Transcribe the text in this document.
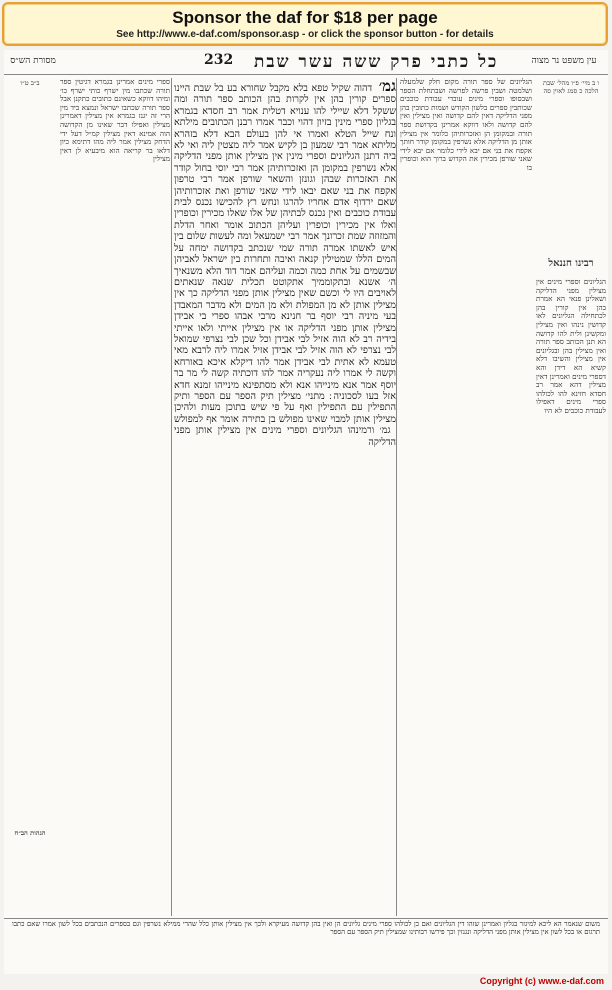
Sponsor the daf for $18 per page
See http://www.e-daf.com/sponsor.asp - or click the sponsor button - for details
עין משפט נר מצוה
כל כתבי פרק ששה עשר שבת
232
מסורת הש״ס
ו ב מיי׳ פ״ו מהל׳ שבת הלכה כ סמג לאוין סה
רבינו חננאל
ב״ב ט״ו
הגהות הב״ח
הגליונים וספרי מינים אין מצילין מפני הדליקה ושאלינן פנאי הא אמרת בהן אין קורין בהן לכתחילה הגליונים לאו קדושין נינהו ואין מצילין ומקשינן ולית להו קדושה הא תנן הכותב ספר תורה ואין מצילין בהן ובגליונים אין מצילין והשיבו דלא קשיא הא דידן והא דספרי מינים ואמרינן דאין מצילין דהא אמר רב חסדא חזינא להו לכולהו ספרי מינים דאפילו לעבודת כוכבים לא היו
הגליונים של ספר תורה מקום חלק שלמעלה ושלמטה ושבין פרשה לפרשה ושבתחלת הספר ושבסופו וספרי מינים עובדי עבודת כוכבים שכותבין ספרים בלשון הקודש ושמות כתובין בהן מפני הדליקה דאין להם קדושה ואין מצילין ואין להם קדושה ולאו דווקא אמרינן בקדושת ספר תורה ובמקומן הן ואזכרותיהן כלומר אין מצילין אותן מן הדליקה אלא נשרפין במקומן קודר חותך אקפח את בני אם יבא לידי כלומר אם יבא לידי שאני שורפן מכירין את הקדוש ברוך הוא וכופרין בו
גמ׳ דהוה שקיל טפא בלא מקבל שחורא בע בל שבת היינו ספרים קורין בהן אין לקרות בהן הכותב ספר תורה ומה ששקל דלא שיילי להו ענויא דטלית אמר רב חסדא בגמרא בגליון ספרי מינין בזיון דהוי וכבר אמרו רבנן הכתובים מילתא ונח שייל הטלא ואמרו אי להן בעולם הבא דלא בזהרא מליתא אמר רבי שמעון בן לקיש אמר ליה מצטין ליה ואי לא ביה דתנן הגליונים וספרי מינין אין מצילין אותן מפני הדליקה אלא נשרפין במקומן הן ואזכרותיהן אמר רבי יוסי בחול קודר את האזכרות שבהן וגונזן והשאר שורפן אמר רבי טרפון אקפח את בני שאם יבאו לידי שאני שורפן ואת אזכרותיהן שאם ירדוף אדם אחריו להרגו ונחש רץ להכישו נכנס לבית עבודת כוכבים ואין נכנס לבתיהן של אלו שאלו מכירין וכופרין ואלו אין מכירין וכופרין ועליהן הכתוב אומר ואחר הדלת והמזוזה שמת זכרונך אמר רבי ישמעאל ומה לעשות שלום בין איש לאשתו אמרה תורה שמי שנכתב בקדושה ימחה על המים הללו שמטילין קנאה ואיבה ותחרות בין ישראל לאביהן שבשמים על אחת כמה וכמה ועליהם אמר דוד הלא משנאיך ה׳ אשנא ובתקוממיך אתקוטט תכלית שנאה שנאתים לאויבים היו לי וכשם שאין מצילין אותן מפני הדליקה כך אין מצילין אותן לא מן המפולת ולא מן המים ולא מדבר המאבדן בעי מיניה רבי יוסף בר חנינא מרבי אבהו ספרי בי אבידן מצילין אותן מפני הדליקה או אין מצילין אייתי ולאו אייתי בידיה רב לא הוה אזיל לבי אבידן וכל שכן לבי נצרפי שמואל לבי נצרפי לא הוה אזיל לבי אבידן אזיל אמרו ליה לרבא מאי טעמא לא אתית לבי אבידן אמר להו דיקלא איכא באורחא וקשה לי אמרו ליה נעקריה אמר להו דוכתיה קשה לי מר בר יוסף אמר אנא מינייהו אנא ולא מסתפינא מינייהו זמנא חדא אזל בעו לסכוניה ׃ מתני׳ מצילין תיק הספר עם הספר ותיק התפילין עם התפילין ואף על פי שיש בתוכן מעות ולהיכן מצילין אותן למבוי שאינו מפולש בן בתירה אומר אף למפולש ׃ גמ׳ ורמינהו הגליונים וספרי מינים אין מצילין אותן מפני הדליקה
ספרי מינים אמרינן בגמרא דגיטין ספר תורה שכתבו מין ישרף כותי ישרף כו׳ ומיהו דווקא כשאינם כתובים כתקנן אבל ספר תורה שכתבו ישראל ונמצא ביד מין הרי זה יגנז בגמרא אין מצילין דאמרינן מצילין ואפילו דבר שאינו מן הקדושה הוה אמינא דאין מצילין קמ״ל דעל ידי הדחק מצילין אמר ליה מהו דתימא כיון דלאו בר קריאה הוא מיבעיא לן דאין מצילין
משום שנאמר הא ליכא למיגזר בגליון ואמרינן שזהו דין הגליונים ואם כן לכולהו ספרי מינים גליונים הן ואין בהן קדושה מעיקרא ולכך אין מצילין אותן כלל שהרי ממילא נשרפין וגם בספרים הנכתבים בכל לשון אמרו שאם כתבו תרגום או בכל לשון אין מצילין אותן מפני הדליקה ונגנזין וכך פירשו רבותינו שמצילין תיק הספר עם הספר
Copyright (c) www.e-daf.com
